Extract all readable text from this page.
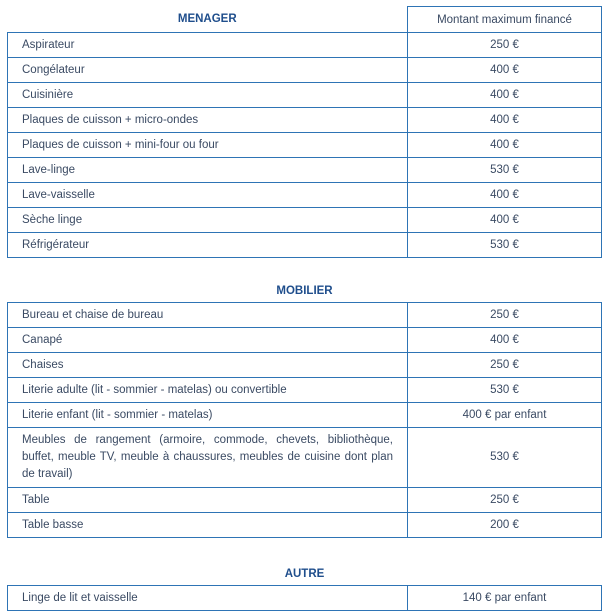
MENAGER	Montant maximum financé
Aspirateur	250 €
Congélateur	400 €
Cuisinière	400 €
Plaques de cuisson + micro-ondes	400 €
Plaques de cuisson + mini-four ou four	400 €
Lave-linge	530 €
Lave-vaisselle	400 €
Sèche linge	400 €
Réfrigérateur	530 €
MOBILIER	
Bureau et chaise de bureau	250 €
Canapé	400 €
Chaises	250 €
Literie adulte (lit - sommier - matelas) ou convertible	530 €
Literie enfant (lit - sommier - matelas)	400 € par enfant
Meubles de rangement (armoire, commode, chevets, bibliothèque, buffet, meuble TV, meuble à chaussures, meubles de cuisine dont plan de travail)	530 €
Table	250 €
Table basse	200 €
AUTRE
Linge de lit et vaisselle	140 € par enfant
